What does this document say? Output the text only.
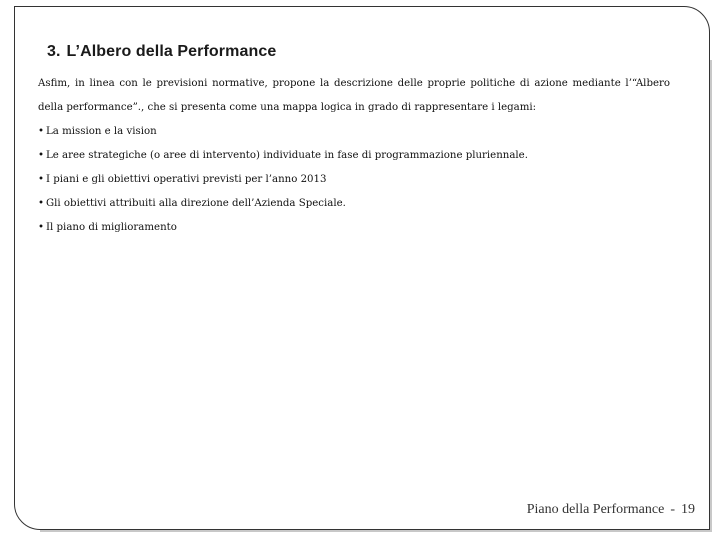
3. L’Albero della Performance

Asfim, in linea con le previsioni normative, propone la descrizione delle proprie politiche di azione mediante l’“Albero della performance”., che si presenta come una mappa logica in grado di rappresentare i legami:

• La mission e la vision
• Le aree strategiche (o aree di intervento) individuate in fase di programmazione pluriennale.
• I piani e gli obiettivi operativi previsti per l’anno 2013
• Gli obiettivi attribuiti alla direzione dell’Azienda Speciale.
• Il piano di miglioramento
Piano della Performance - 19
